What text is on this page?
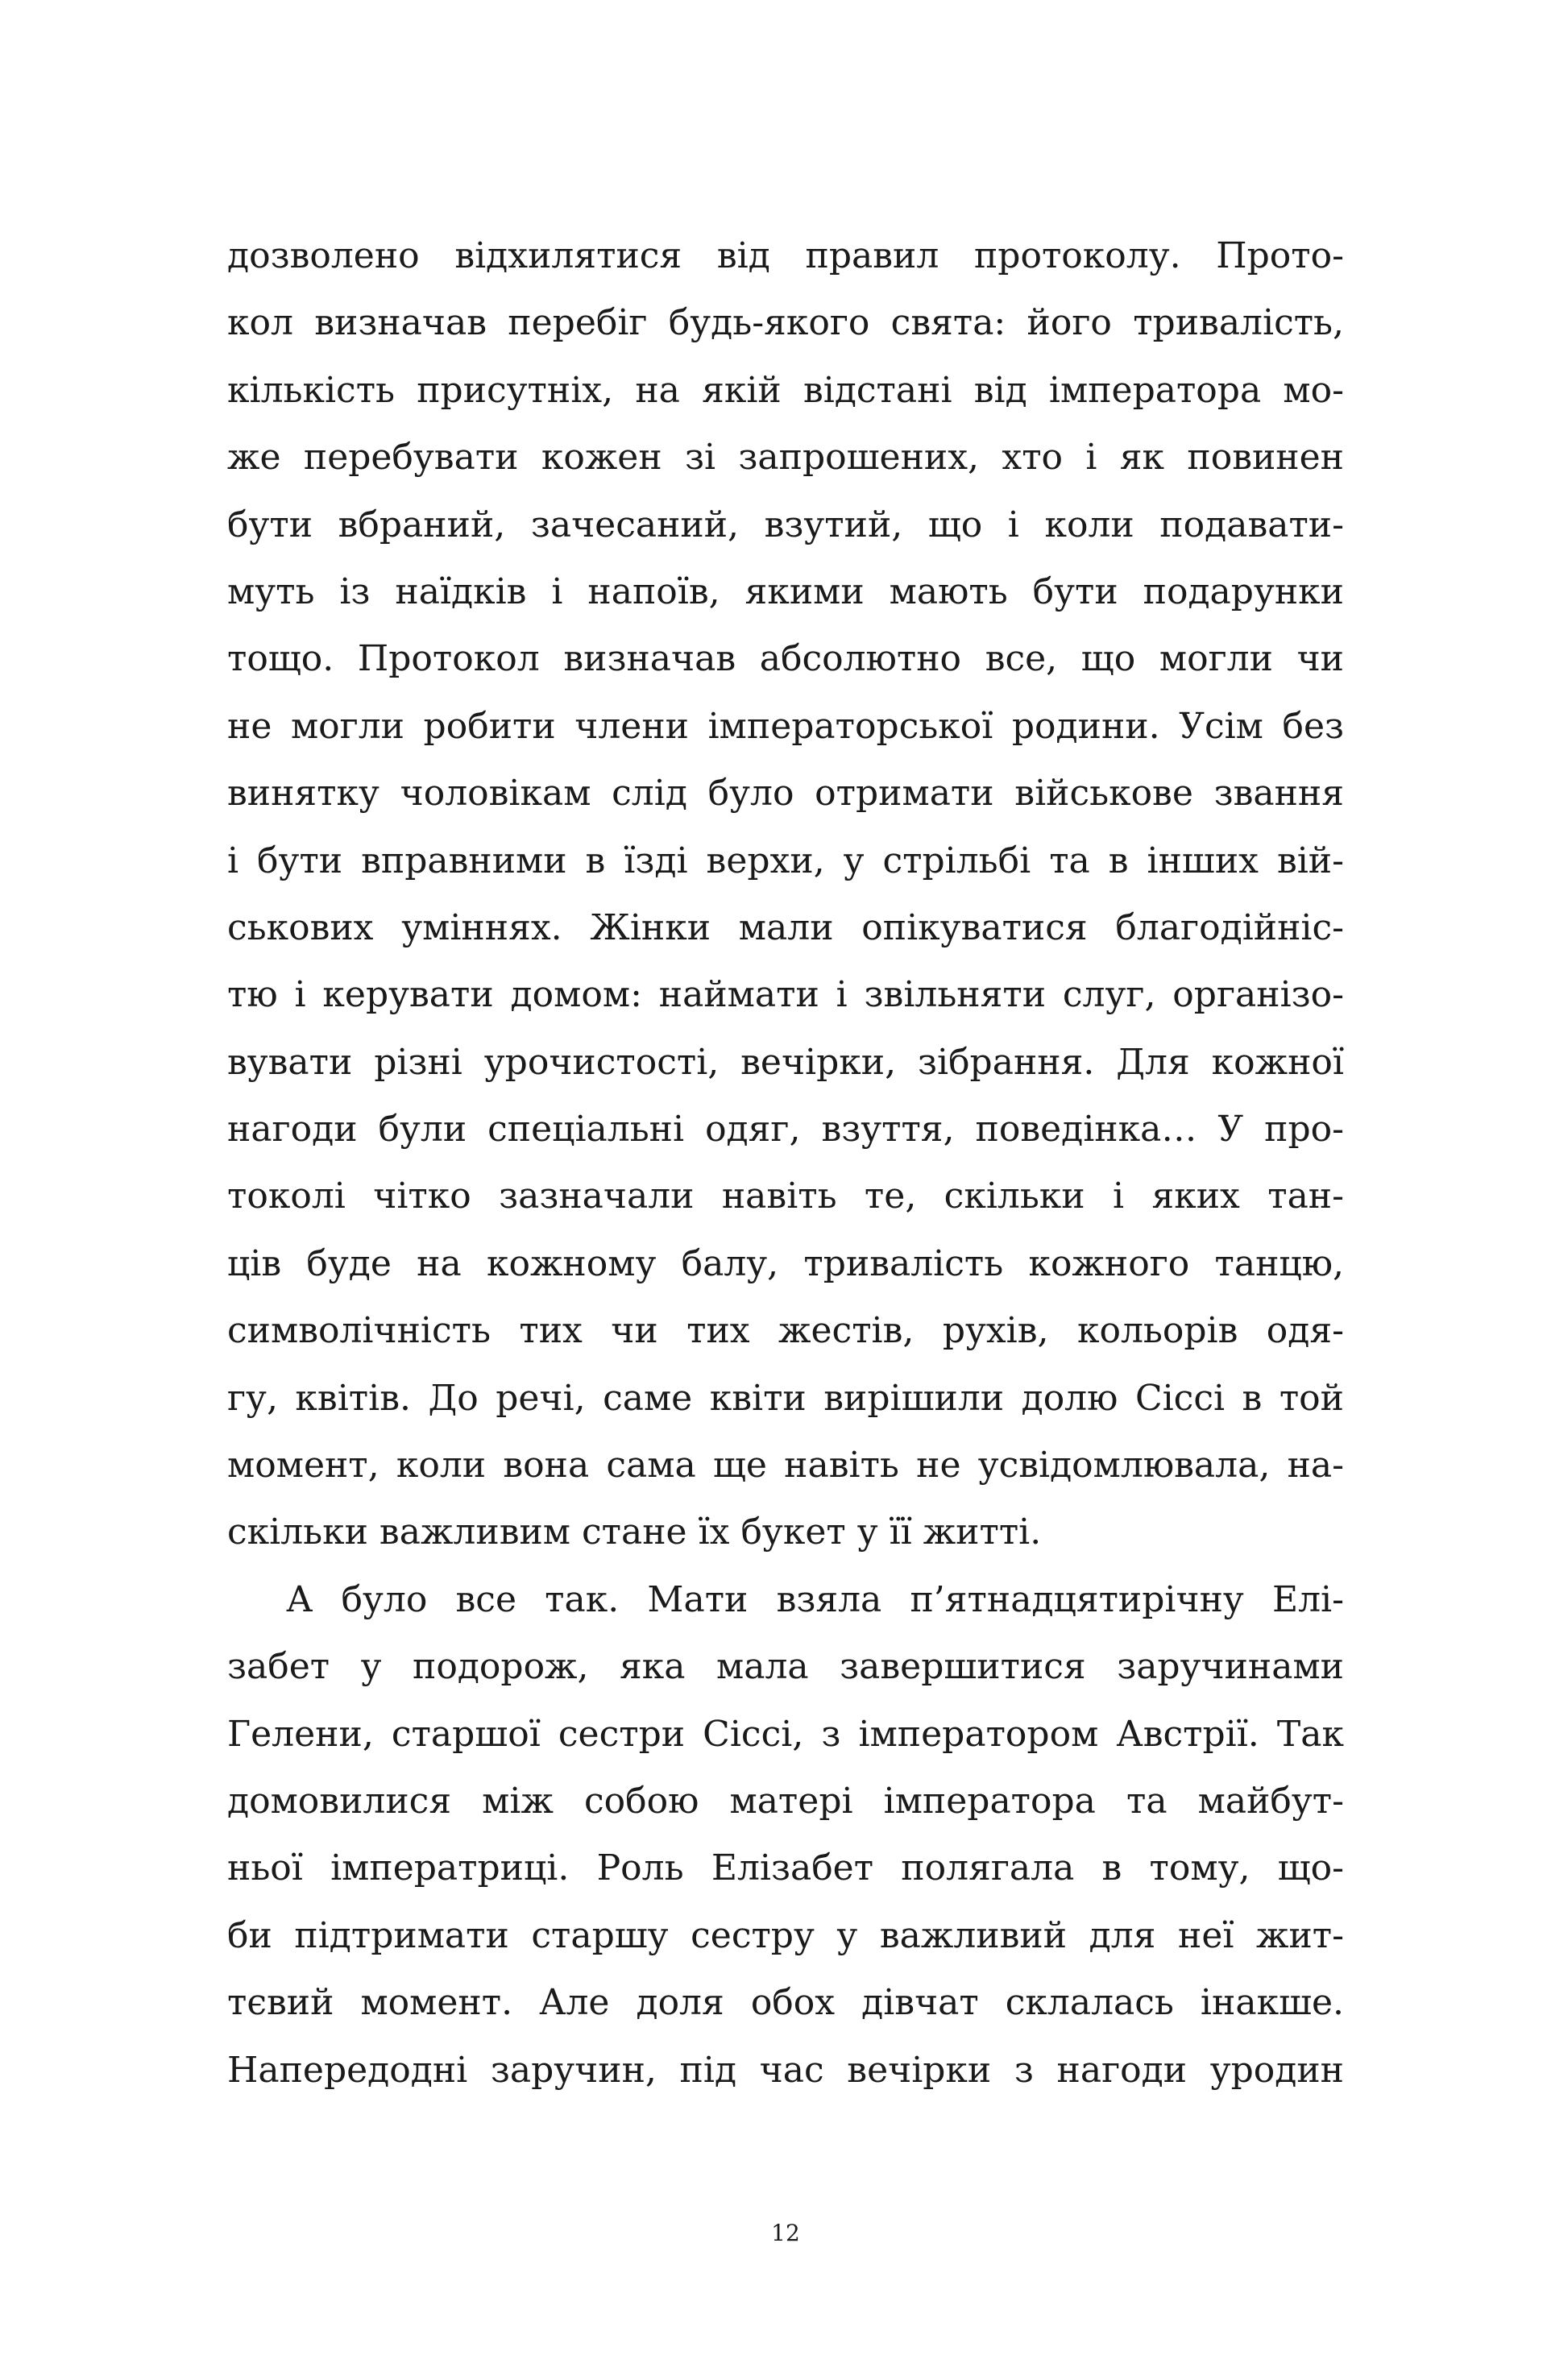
дозволено відхилятися від правил протоколу. Прото-
кол визначав перебіг будь-якого свята: його тривалість,
кількість присутніх, на якій відстані від імператора мо-
же перебувати кожен зі запрошених, хто і як повинен
бути вбраний, зачесаний, взутий, що і коли подавати-
муть із наїдків і напоїв, якими мають бути подарунки
тощо. Протокол визначав абсолютно все, що могли чи
не могли робити члени імператорської родини. Усім без
винятку чоловікам слід було отримати військове звання
і бути вправними в їзді верхи, у стрільбі та в інших вій-
ськових уміннях. Жінки мали опікуватися благодійніс-
тю і керувати домом: наймати і звільняти слуг, організо-
вувати різні урочистості, вечірки, зібрання. Для кожної
нагоди були спеціальні одяг, взуття, поведінка… У про-
токолі чітко зазначали навіть те, скільки і яких тан-
ців буде на кожному балу, тривалість кожного танцю,
символічність тих чи тих жестів, рухів, кольорів одя-
гу, квітів. До речі, саме квіти вирішили долю Сіссі в той
момент, коли вона сама ще навіть не усвідомлювала, на-
скільки важливим стане їх букет у її житті.
А було все так. Мати взяла п’ятнадцятирічну Елі-
забет у подорож, яка мала завершитися заручинами
Гелени, старшої сестри Сіссі, з імператором Австрії. Так
домовилися між собою матері імператора та майбут-
ньої імператриці. Роль Елізабет полягала в тому, що-
би підтримати старшу сестру у важливий для неї жит-
тєвий момент. Але доля обох дівчат склалась інакше.
Напередодні заручин, під час вечірки з нагоди уродин
12
